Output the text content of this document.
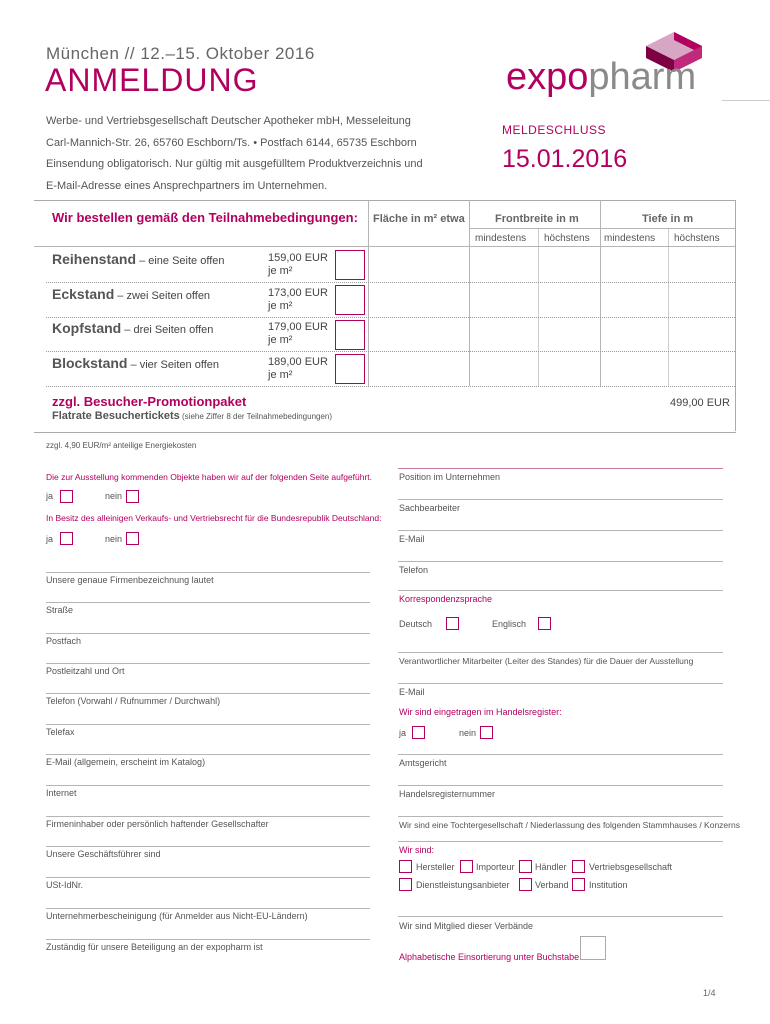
München // 12.–15. Oktober 2016
ANMELDUNG	expopharm
Werbe- und Vertriebsgesellschaft Deutscher Apotheker mbH, Messeleitung
Carl-Mannich-Str. 26, 65760 Eschborn/Ts. • Postfach 6144, 65735 Eschborn
Einsendung obligatorisch. Nur gültig mit ausgefülltem Produktverzeichnis und
E-Mail-Adresse eines Ansprechpartners im Unternehmen.
MELDESCHLUSS
15.01.2016
Wir bestellen gemäß den Teilnahmebedingungen: Fläche in m² etwa	Frontbreite in m	Tiefe in m
mindestens höchstens mindestens höchstens
Reihenstand – eine Seite offen	159,00 EUR
je m²
Eckstand – zwei Seiten offen	173,00 EUR
je m²
Kopfstand – drei Seiten offen	179,00 EUR
je m²
Blockstand – vier Seiten offen	189,00 EUR
je m²
zzgl. Besucher-Promotionpaket
Flatrate Besuchertickets (siehe Ziffer 8 der Teilnahmebedingungen)
499,00 EUR
zzgl. 4,90 EUR/m² anteilige Energiekosten
Die zur Ausstellung kommenden Objekte haben wir auf der folgenden Seite aufgeführt.
ja	nein
In Besitz des alleinigen Verkaufs- und Vertriebsrecht für die Bundesrepublik Deutschland:
ja	nein
Unsere genaue Firmenbezeichnung lautet
Straße
Postfach
Postleitzahl und Ort
Telefon (Vorwahl / Rufnummer / Durchwahl)
Telefax
E-Mail (allgemein, erscheint im Katalog)
Internet
Firmeninhaber oder persönlich haftender Gesellschafter
Unsere Geschäftsführer sind
USt-IdNr.
Unternehmerbescheinigung (für Anmelder aus Nicht-EU-Ländern)
Zuständig für unsere Beteiligung an der expopharm ist
Position im Unternehmen
Sachbearbeiter
E-Mail
Telefon
Korrespondenzsprache
Deutsch	Englisch
Verantwortlicher Mitarbeiter (Leiter des Standes) für die Dauer der Ausstellung
E-Mail
Wir sind eingetragen im Handelsregister:
ja	nein
Amtsgericht
Handelsregisternummer
Wir sind eine Tochtergesellschaft / Niederlassung des folgenden Stammhauses / Konzerns
Wir sind:
Hersteller Importeur Händler Vertriebsgesellschaft
Dienstleistungsanbieter	Verband Institution
Wir sind Mitglied dieser Verbände
Alphabetische Einsortierung unter Buchstabe:
1/4
